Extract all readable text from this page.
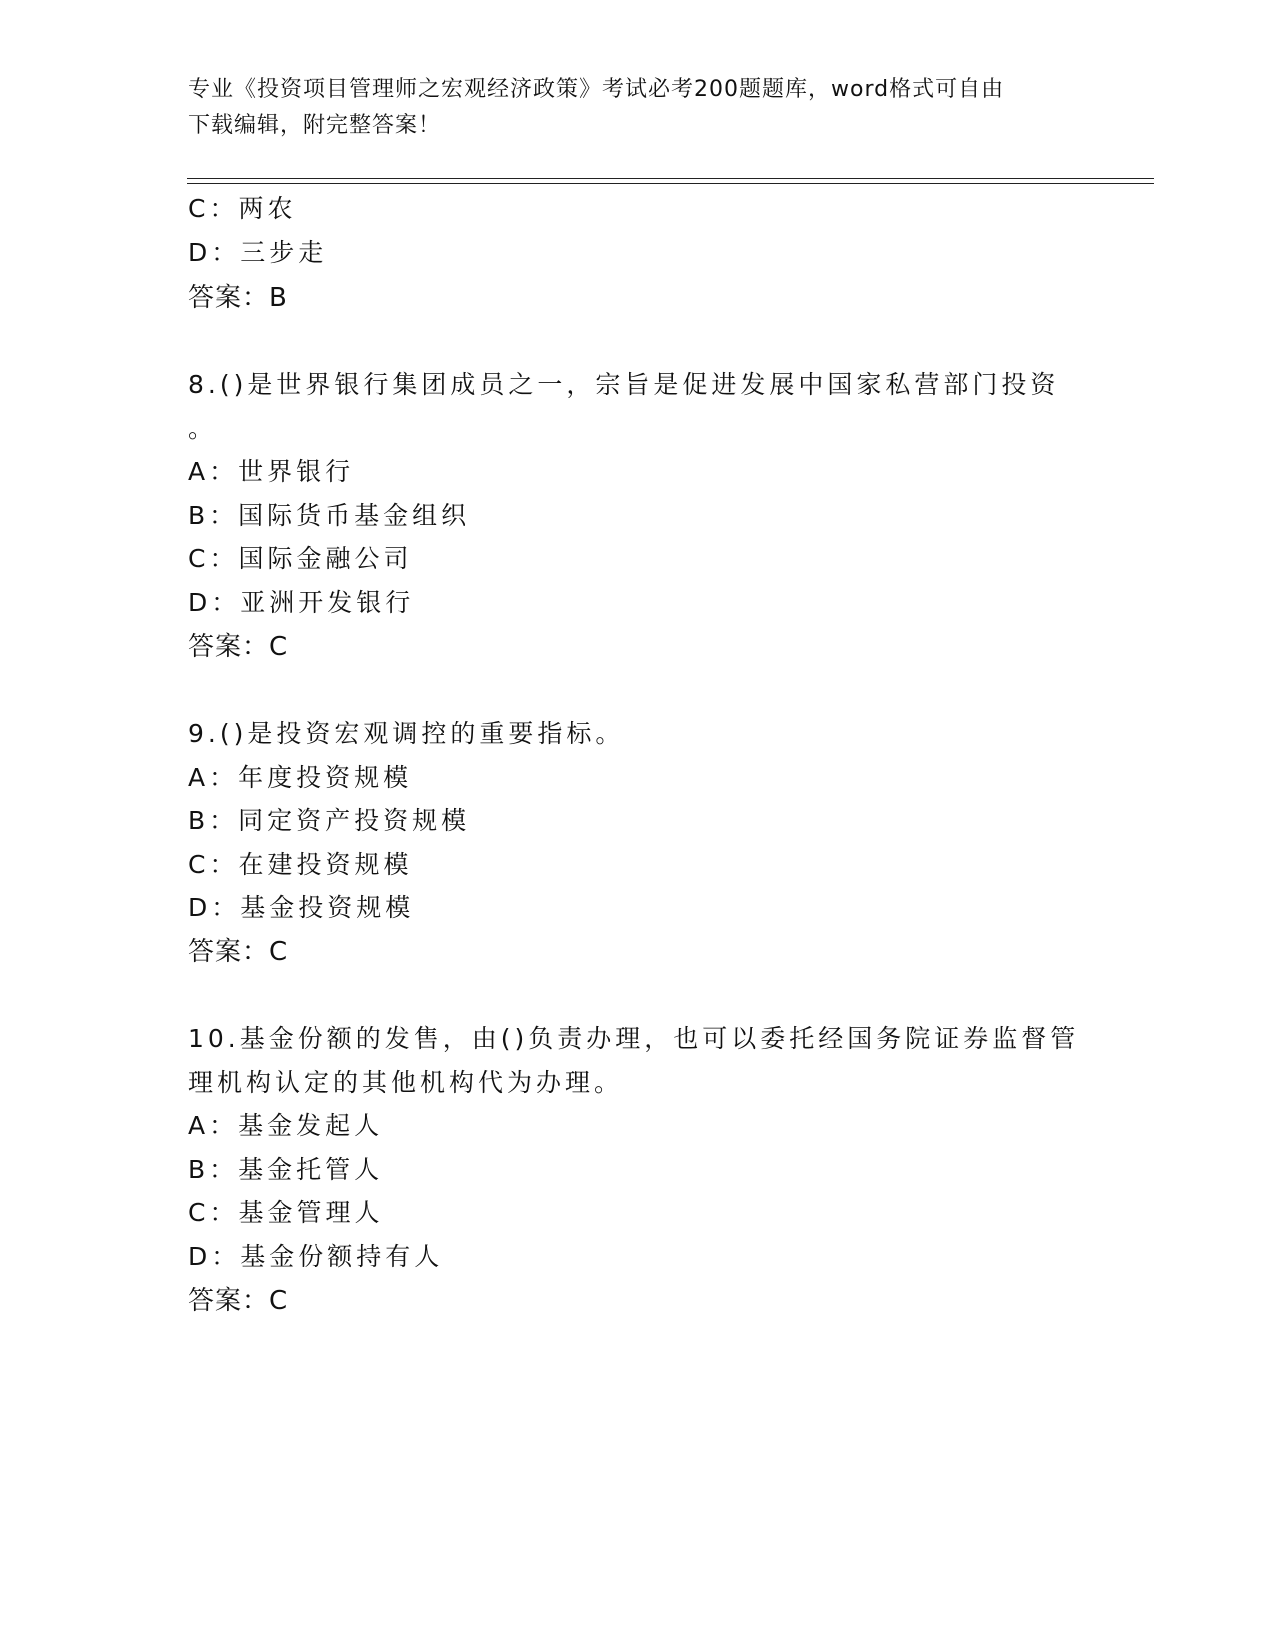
专业《投资项目管理师之宏观经济政策》考试必考200题题库，word格式可自由
下载编辑，附完整答案！
C：两农
D：三步走
答案：B
8.()是世界银行集团成员之一，宗旨是促进发展中国家私营部门投资
。
A：世界银行
B：国际货币基金组织
C：国际金融公司
D：亚洲开发银行
答案：C
9.()是投资宏观调控的重要指标。
A：年度投资规模
B：同定资产投资规模
C：在建投资规模
D：基金投资规模
答案：C
10.基金份额的发售，由()负责办理，也可以委托经国务院证券监督管
理机构认定的其他机构代为办理。
A：基金发起人
B：基金托管人
C：基金管理人
D：基金份额持有人
答案：C
